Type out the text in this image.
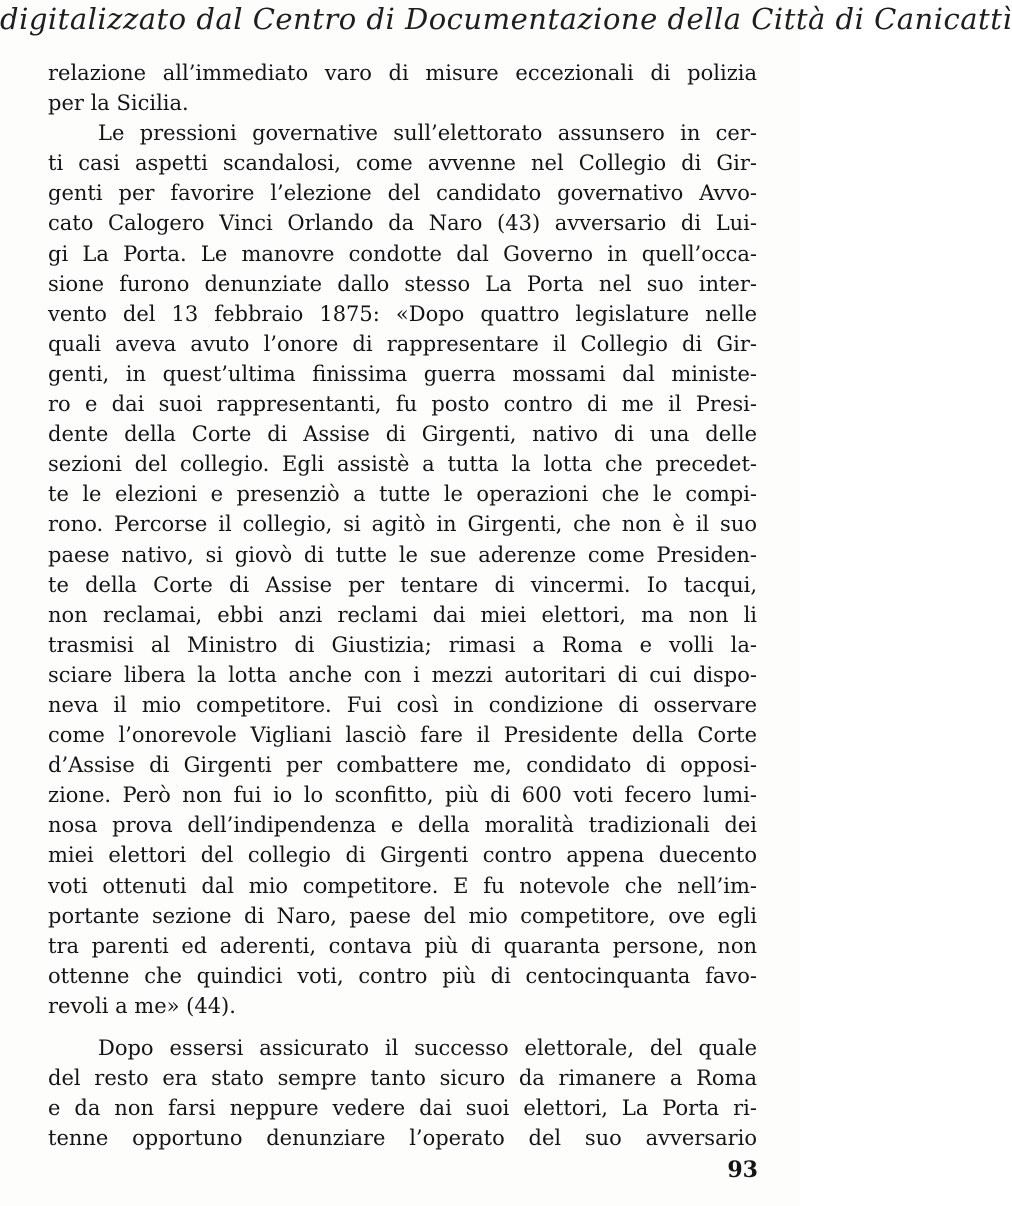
digitalizzato dal Centro di Documentazione della Città di Canicattì
relazione all’immediato varo di misure eccezionali di polizia
per la Sicilia.
Le pressioni governative sull’elettorato assunsero in cer-
ti casi aspetti scandalosi, come avvenne nel Collegio di Gir-
genti per favorire l’elezione del candidato governativo Avvo-
cato Calogero Vinci Orlando da Naro (43) avversario di Lui-
gi La Porta. Le manovre condotte dal Governo in quell’occa-
sione furono denunziate dallo stesso La Porta nel suo inter-
vento del 13 febbraio 1875: «Dopo quattro legislature nelle
quali aveva avuto l’onore di rappresentare il Collegio di Gir-
genti, in quest’ultima finissima guerra mossami dal ministe-
ro e dai suoi rappresentanti, fu posto contro di me il Presi-
dente della Corte di Assise di Girgenti, nativo di una delle
sezioni del collegio. Egli assistè a tutta la lotta che precedet-
te le elezioni e presenziò a tutte le operazioni che le compi-
rono. Percorse il collegio, si agitò in Girgenti, che non è il suo
paese nativo, si giovò di tutte le sue aderenze come Presiden-
te della Corte di Assise per tentare di vincermi. Io tacqui,
non reclamai, ebbi anzi reclami dai miei elettori, ma non li
trasmisi al Ministro di Giustizia; rimasi a Roma e volli la-
sciare libera la lotta anche con i mezzi autoritari di cui dispo-
neva il mio competitore. Fui così in condizione di osservare
come l’onorevole Vigliani lasciò fare il Presidente della Corte
d’Assise di Girgenti per combattere me, condidato di opposi-
zione. Però non fui io lo sconfitto, più di 600 voti fecero lumi-
nosa prova dell’indipendenza e della moralità tradizionali dei
miei elettori del collegio di Girgenti contro appena duecento
voti ottenuti dal mio competitore. E fu notevole che nell’im-
portante sezione di Naro, paese del mio competitore, ove egli
tra parenti ed aderenti, contava più di quaranta persone, non
ottenne che quindici voti, contro più di centocinquanta favo-
revoli a me» (44).
Dopo essersi assicurato il successo elettorale, del quale
del resto era stato sempre tanto sicuro da rimanere a Roma
e da non farsi neppure vedere dai suoi elettori, La Porta ri-
tenne opportuno denunziare l’operato del suo avversario
93
